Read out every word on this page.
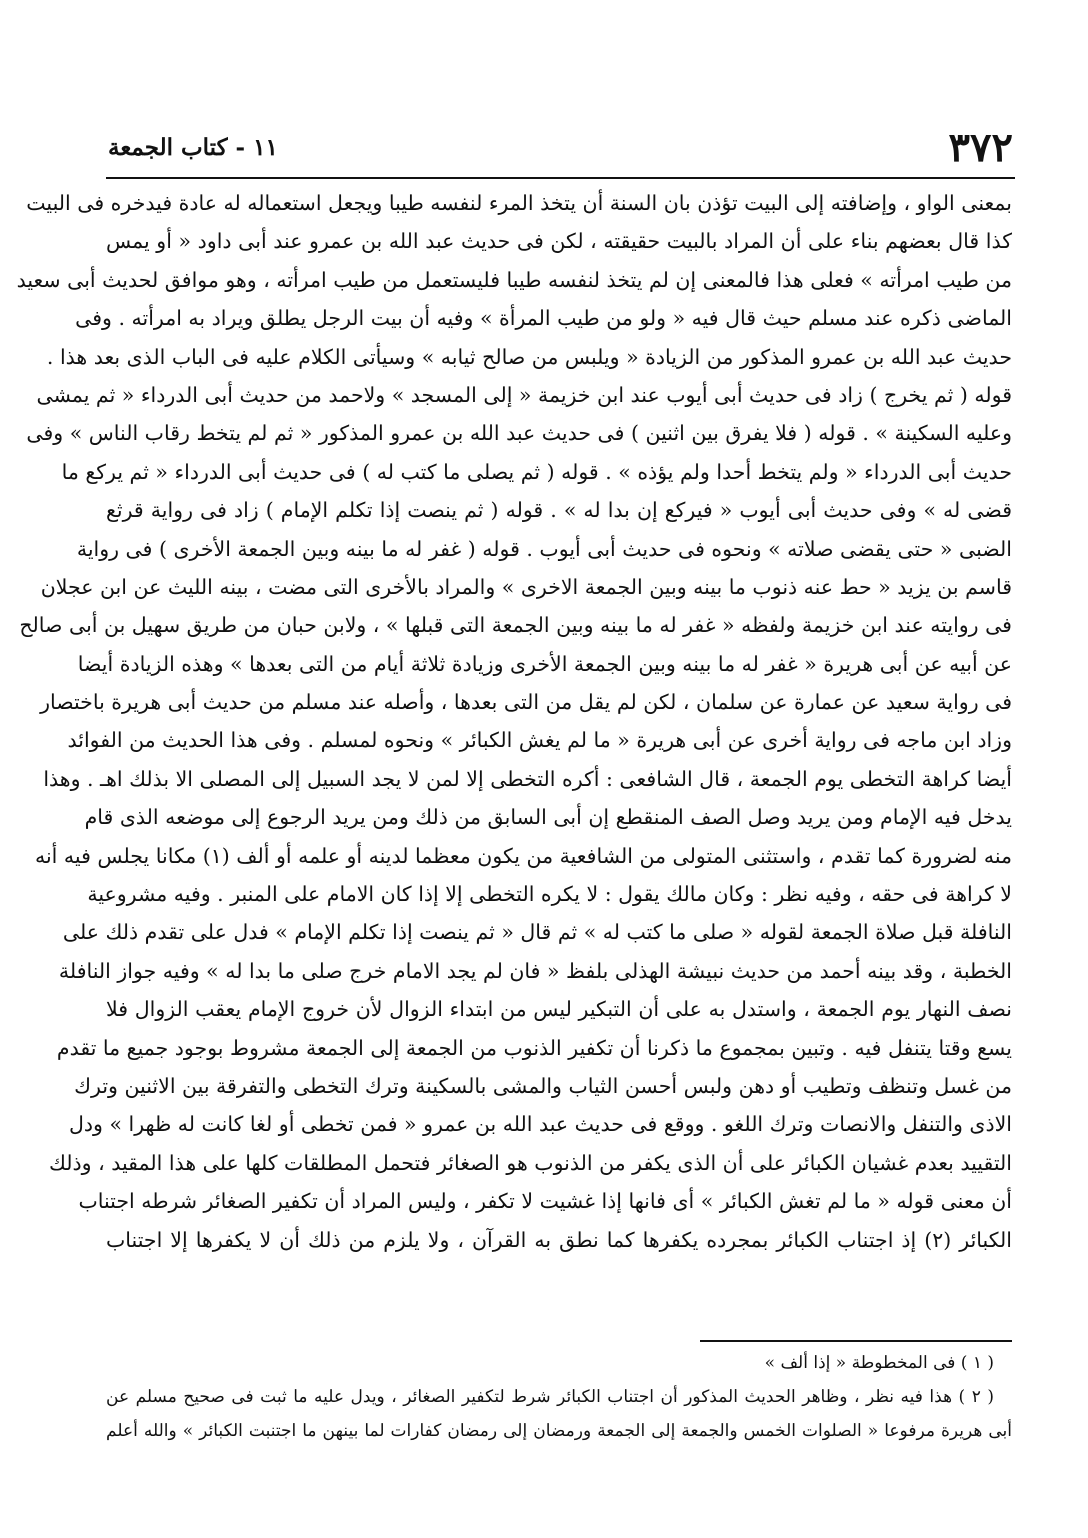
٣٧٢
١١ - كتاب الجمعة
بمعنى الواو ، وإضافته إلى البيت تؤذن بان السنة أن يتخذ المرء لنفسه طيبا ويجعل استعماله له عادة فيدخره فى البيت
كذا قال بعضهم بناء على أن المراد بالبيت حقيقته ، لكن فى حديث عبد الله بن عمرو عند أبى داود « أو يمس
من طيب امرأته » فعلى هذا فالمعنى إن لم يتخذ لنفسه طيبا فليستعمل من طيب امرأته ، وهو موافق لحديث أبى سعيد
الماضى ذكره عند مسلم حيث قال فيه « ولو من طيب المرأة » وفيه أن بيت الرجل يطلق ويراد به امرأته . وفى
حديث عبد الله بن عمرو المذكور من الزيادة « ويلبس من صالح ثيابه » وسيأتى الكلام عليه فى الباب الذى بعد هذا .
قوله ( ثم يخرج ) زاد فى حديث أبى أيوب عند ابن خزيمة « إلى المسجد » ولاحمد من حديث أبى الدرداء « ثم يمشى
وعليه السكينة » . قوله ( فلا يفرق بين اثنين ) فى حديث عبد الله بن عمرو المذكور « ثم لم يتخط رقاب الناس » وفى
حديث أبى الدرداء « ولم يتخط أحدا ولم يؤذه » . قوله ( ثم يصلى ما كتب له ) فى حديث أبى الدرداء « ثم يركع ما
قضى له » وفى حديث أبى أيوب « فيركع إن بدا له » . قوله ( ثم ينصت إذا تكلم الإمام ) زاد فى رواية قرثع
الضبى « حتى يقضى صلاته » ونحوه فى حديث أبى أيوب . قوله ( غفر له ما بينه وبين الجمعة الأخرى ) فى رواية
قاسم بن يزيد « حط عنه ذنوب ما بينه وبين الجمعة الاخرى » والمراد بالأخرى التى مضت ، بينه الليث عن ابن عجلان
فى روايته عند ابن خزيمة ولفظه « غفر له ما بينه وبين الجمعة التى قبلها » ، ولابن حبان من طريق سهيل بن أبى صالح
عن أبيه عن أبى هريرة « غفر له ما بينه وبين الجمعة الأخرى وزيادة ثلاثة أيام من التى بعدها » وهذه الزيادة أيضا
فى رواية سعيد عن عمارة عن سلمان ، لكن لم يقل من التى بعدها ، وأصله عند مسلم من حديث أبى هريرة باختصار
وزاد ابن ماجه فى رواية أخرى عن أبى هريرة « ما لم يغش الكبائر » ونحوه لمسلم . وفى هذا الحديث من الفوائد
أيضا كراهة التخطى يوم الجمعة ، قال الشافعى : أكره التخطى إلا لمن لا يجد السبيل إلى المصلى الا بذلك اهـ . وهذا
يدخل فيه الإمام ومن يريد وصل الصف المنقطع إن أبى السابق من ذلك ومن يريد الرجوع إلى موضعه الذى قام
منه لضرورة كما تقدم ، واستثنى المتولى من الشافعية من يكون معظما لدينه أو علمه أو ألف (١) مكانا يجلس فيه أنه
لا كراهة فى حقه ، وفيه نظر : وكان مالك يقول : لا يكره التخطى إلا إذا كان الامام على المنبر . وفيه مشروعية
النافلة قبل صلاة الجمعة لقوله « صلى ما كتب له » ثم قال « ثم ينصت إذا تكلم الإمام » فدل على تقدم ذلك على
الخطبة ، وقد بينه أحمد من حديث نبيشة الهذلى بلفظ « فان لم يجد الامام خرج صلى ما بدا له » وفيه جواز النافلة
نصف النهار يوم الجمعة ، واستدل به على أن التبكير ليس من ابتداء الزوال لأن خروج الإمام يعقب الزوال فلا
يسع وقتا يتنفل فيه . وتبين بمجموع ما ذكرنا أن تكفير الذنوب من الجمعة إلى الجمعة مشروط بوجود جميع ما تقدم
من غسل وتنظف وتطيب أو دهن ولبس أحسن الثياب والمشى بالسكينة وترك التخطى والتفرقة بين الاثنين وترك
الاذى والتنفل والانصات وترك اللغو . ووقع فى حديث عبد الله بن عمرو « فمن تخطى أو لغا كانت له ظهرا » ودل
التقييد بعدم غشيان الكبائر على أن الذى يكفر من الذنوب هو الصغائر فتحمل المطلقات كلها على هذا المقيد ، وذلك
أن معنى قوله « ما لم تغش الكبائر » أى فانها إذا غشيت لا تكفر ، وليس المراد أن تكفير الصغائر شرطه اجتناب
الكبائر (٢) إذ اجتناب الكبائر بمجرده يكفرها كما نطق به القرآن ، ولا يلزم من ذلك أن لا يكفرها إلا اجتناب
( ١ ) فى المخطوطة « إذا ألف »
( ٢ ) هذا فيه نظر ، وظاهر الحديث المذكور أن اجتناب الكبائر شرط لتكفير الصغائر ، ويدل عليه ما ثبت فى صحيح مسلم عن
أبى هريرة مرفوعا « الصلوات الخمس والجمعة إلى الجمعة ورمضان إلى رمضان كفارات لما بينهن ما اجتنبت الكبائر » والله أعلم
